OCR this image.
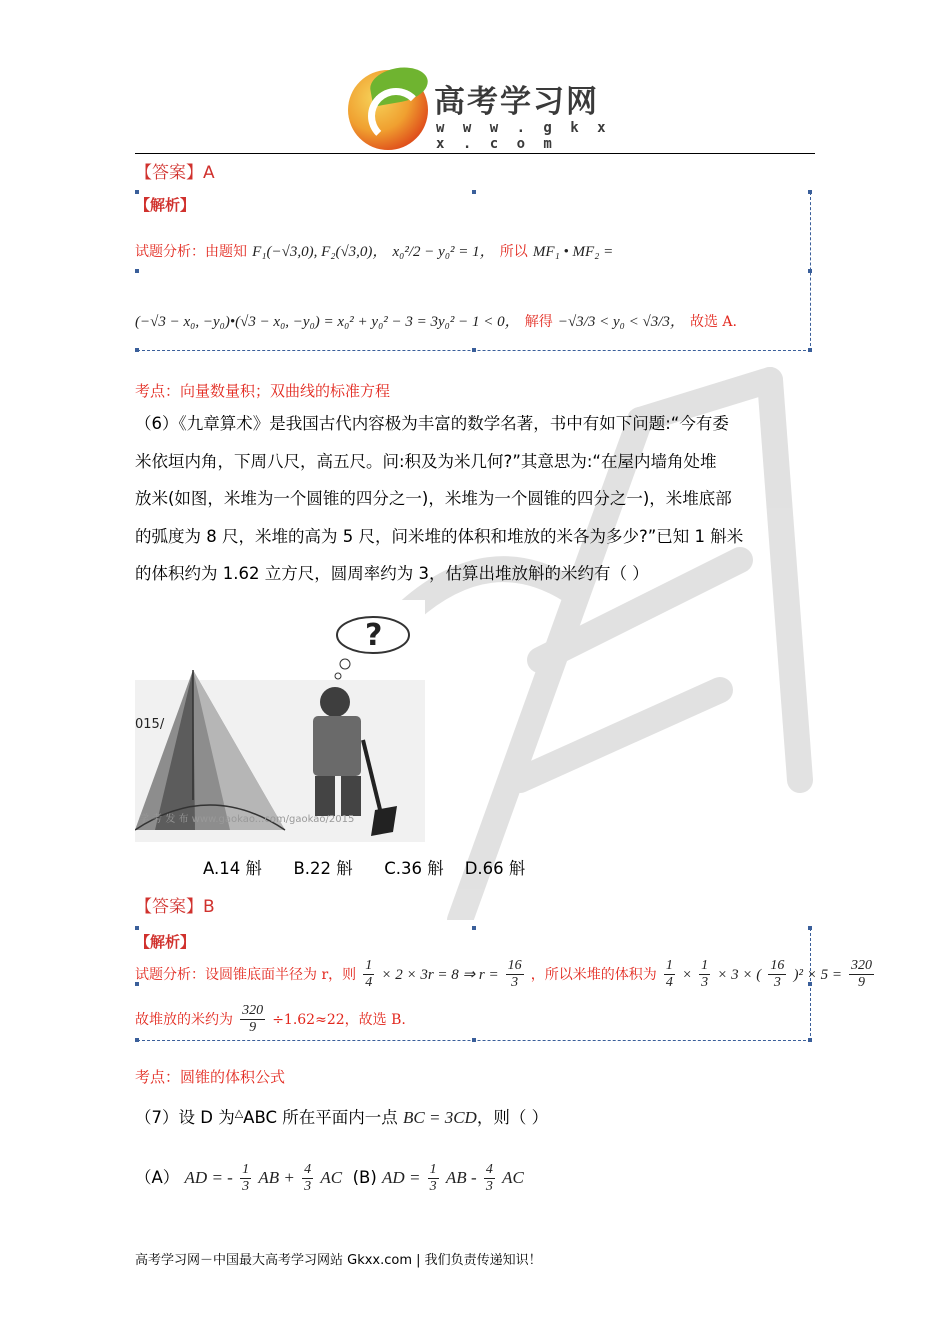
高考学习网
w w w . g k x x . c o m
【答案】A
【解析】
试题分析：由题知 F₁(−√3,0), F₂(√3,0)， x₀²/2 − y₀² = 1， 所以 MF₁ • MF₂ =
(−√3 − x₀, −y₀)•(√3 − x₀, −y₀) = x₀² + y₀² − 3 = 3y₀² − 1 < 0， 解得 −√3/3 < y₀ < √3/3， 故选 A.
考点：向量数量积；双曲线的标准方程
（6）《九章算术》是我国古代内容极为丰富的数学名著，书中有如下问题:“今有委
米依垣内角，下周八尺，高五尺。问:积及为米几何?”其意思为:“在屋内墙角处堆
放米(如图，米堆为一个圆锥的四分之一)，米堆为一个圆锥的四分之一)，米堆底部
的弧度为 8 尺，米堆的高为 5 尺，问米堆的体积和堆放的米各为多少?”已知 1 斛米
的体积约为 1.62 立方尺，圆周率约为 3，估算出堆放斛的米约有（ ）
?
015/
学 考 发 布 www.gaokao...com/gaokao/2015
A.14 斛      B.22 斛      C.36 斛    D.66 斛
【答案】B
【解析】
试题分析：设圆锥底面半径为 r，则 $\frac{1}{4} \times 2 \times 3r = 8$ ⇒ $r = \frac{16}{3}$ ，所以米堆的体积为 $\frac{1}{4} \times \frac{1}{3} \times 3$ × ( $\frac{16}{3} )^2 \times 5 = \frac{320}{9}$
故堆放的米约为 $\frac{320}{9} \div 1.62\approx 22$，故选 B.
考点：圆锥的体积公式
（7）设 D 为△ABC 所在平面内一点 BC = 3CD，则（ ）
（A） AD = - $\frac{1}{3}$ AB + $\frac{4}{3}$ AC (B) AD = $\frac{1}{3}$ AB - $\frac{4}{3}$ AC
高考学习网－中国最大高考学习网站 Gkxx.com | 我们负责传递知识！
